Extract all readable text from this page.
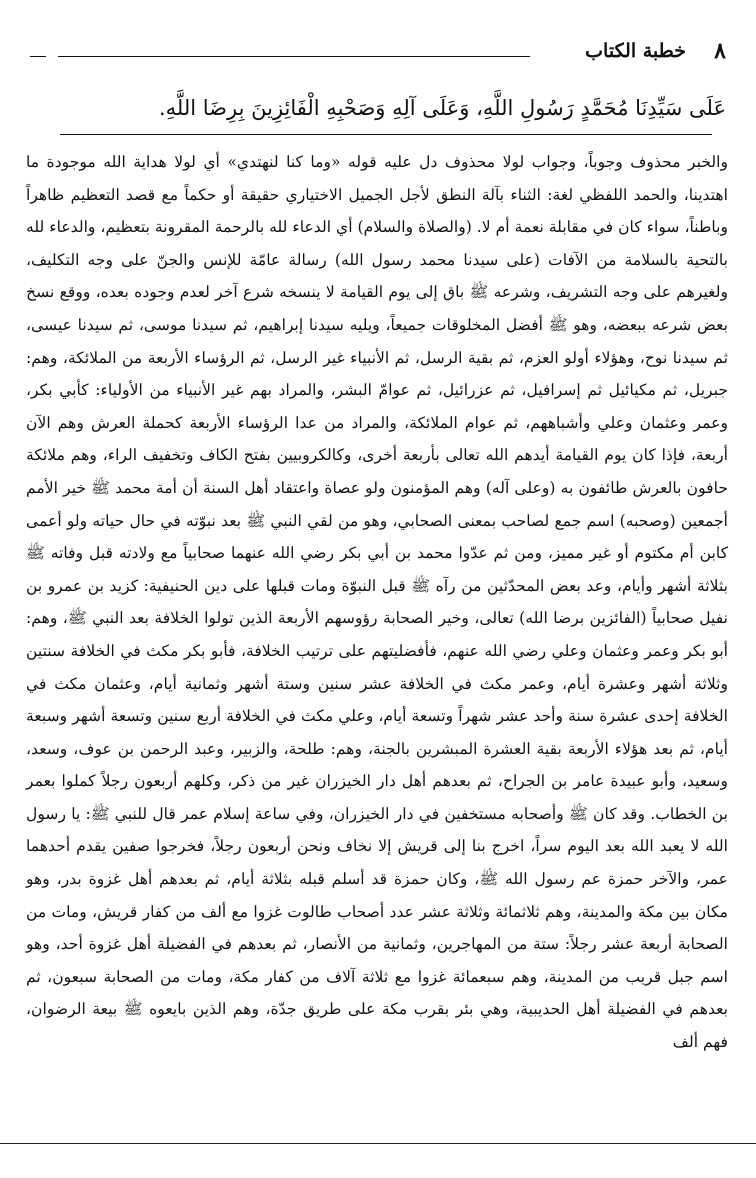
٨
خطبة الكتاب
عَلَى سَيِّدِنَا مُحَمَّدٍ رَسُولِ اللَّهِ، وَعَلَى آلِهِ وَصَحْبِهِ الْفَائِزِينَ بِرِضَا اللَّهِ.

والخبر محذوف وجوباً، وجواب لولا محذوف دل عليه قوله «وما كنا لنهتدي» أي لولا هداية الله موجودة ما اهتدينا، والحمد اللفظي لغة: الثناء بآلة النطق لأجل الجميل الاختياري حقيقة أو حكماً مع قصد التعظيم ظاهراً وباطناً، سواء كان في مقابلة نعمة أم لا. (والصلاة والسلام) أي الدعاء لله بالرحمة المقرونة بتعظيم، والدعاء لله بالتحية بالسلامة من الآفات (على سيدنا محمد رسول الله) رسالة عامّة للإنس والجنّ على وجه التكليف، ولغيرهم على وجه التشريف، وشرعه ﷺ باق إلى يوم القيامة لا ينسخه شرع آخر لعدم وجوده بعده، ووقع نسخ بعض شرعه ببعضه، وهو ﷺ أفضل المخلوقات جميعاً، ويليه سيدنا إبراهيم، ثم سيدنا موسى، ثم سيدنا عيسى، ثم سيدنا نوح، وهؤلاء أولو العزم، ثم بقية الرسل، ثم الأنبياء غير الرسل، ثم الرؤساء الأربعة من الملائكة، وهم: جبريل، ثم مكيائيل ثم إسرافيل، ثم عزرائيل، ثم عوامّ البشر، والمراد بهم غير الأنبياء من الأولياء: كأبي بكر، وعمر وعثمان وعلي وأشباههم، ثم عوام الملائكة، والمراد من عدا الرؤساء الأربعة كحملة العرش وهم الآن أربعة، فإذا كان يوم القيامة أيدهم الله تعالى بأربعة أخرى، وكالكروبيين بفتح الكاف وتخفيف الراء، وهم ملائكة حافون بالعرش طائفون به (وعلى آله) وهم المؤمنون ولو عصاة واعتقاد أهل السنة أن أمة محمد ﷺ خير الأمم أجمعين (وصحبه) اسم جمع لصاحب بمعنى الصحابي، وهو من لقي النبي ﷺ بعد نبوّته في حال حياته ولو أعمى كابن أم مكتوم أو غير مميز، ومن ثم عدّوا محمد بن أبي بكر رضي الله عنهما صحابياً مع ولادته قبل وفاته ﷺ بثلاثة أشهر وأيام، وعد بعض المحدّثين من رآه ﷺ قبل النبوّة ومات قبلها على دين الحنيفية: كزيد بن عمرو بن نفيل صحابياً (الفائزين برضا الله) تعالى، وخير الصحابة رؤوسهم الأربعة الذين تولوا الخلافة بعد النبي ﷺ، وهم: أبو بكر وعمر وعثمان وعلي رضي الله عنهم، فأفضليتهم على ترتيب الخلافة، فأبو بكر مكث في الخلافة سنتين وثلاثة أشهر وعشرة أيام، وعمر مكث في الخلافة عشر سنين وستة أشهر وثمانية أيام، وعثمان مكث في الخلافة إحدى عشرة سنة وأحد عشر شهراً وتسعة أيام، وعلي مكث في الخلافة أربع سنين وتسعة أشهر وسبعة أيام، ثم بعد هؤلاء الأربعة بقية العشرة المبشرين بالجنة، وهم: طلحة، والزبير، وعبد الرحمن بن عوف، وسعد، وسعيد، وأبو عبيدة عامر بن الجراح، ثم بعدهم أهل دار الخيزران غير من ذكر، وكلهم أربعون رجلاً كملوا بعمر بن الخطاب. وقد كان ﷺ وأصحابه مستخفين في دار الخيزران، وفي ساعة إسلام عمر قال للنبي ﷺ: يا رسول الله لا يعبد الله بعد اليوم سراً، اخرج بنا إلى قريش إلا نخاف ونحن أربعون رجلاً، فخرجوا صفين يقدم أحدهما عمر، والآخر حمزة عم رسول الله ﷺ، وكان حمزة قد أسلم قبله بثلاثة أيام، ثم بعدهم أهل غزوة بدر، وهو مكان بين مكة والمدينة، وهم ثلاثمائة وثلاثة عشر عدد أصحاب طالوت غزوا مع ألف من كفار قريش، ومات من الصحابة أربعة عشر رجلاً: ستة من المهاجرين، وثمانية من الأنصار، ثم بعدهم في الفضيلة أهل غزوة أحد، وهو اسم جبل قريب من المدينة، وهم سبعمائة غزوا مع ثلاثة آلاف من كفار مكة، ومات من الصحابة سبعون، ثم بعدهم في الفضيلة أهل الحديبية، وهي بئر بقرب مكة على طريق جدّة، وهم الذين بايعوه ﷺ بيعة الرضوان، فهم ألف
